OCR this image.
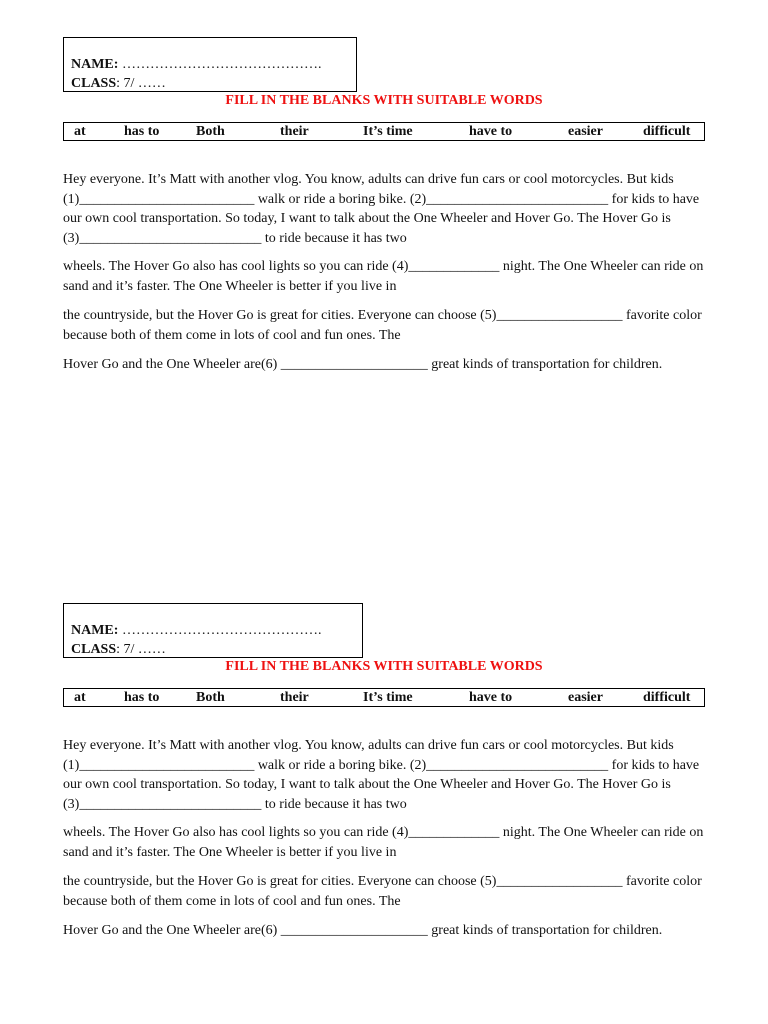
NAME: …………………………………….
CLASS: 7/ ……
FILL IN THE BLANKS WITH SUITABLE WORDS
at	has to	Both	their	It’s time	have to	easier	difficult

Hey everyone. It’s Matt with another vlog. You know, adults can drive fun cars or cool motorcycles. But kids (1)_________________________ walk or ride a boring bike. (2)__________________________ for kids to have our own cool transportation. So today, I want to talk about the One Wheeler and Hover Go. The Hover Go is (3)__________________________ to ride because it has two

wheels. The Hover Go also has cool lights so you can ride (4)_____________ night. The One Wheeler can ride on sand and it’s faster. The One Wheeler is better if you live in

the countryside, but the Hover Go is great for cities. Everyone can choose (5)__________________ favorite color because both of them come in lots of cool and fun ones. The

Hover Go and the One Wheeler are(6) _____________________ great kinds of transportation for children.

NAME: …………………………………….
CLASS: 7/ ……
FILL IN THE BLANKS WITH SUITABLE WORDS
at	has to	Both	their	It’s time	have to	easier	difficult

Hey everyone. It’s Matt with another vlog. You know, adults can drive fun cars or cool motorcycles. But kids (1)_________________________ walk or ride a boring bike. (2)__________________________ for kids to have our own cool transportation. So today, I want to talk about the One Wheeler and Hover Go. The Hover Go is (3)__________________________ to ride because it has two

wheels. The Hover Go also has cool lights so you can ride (4)_____________ night. The One Wheeler can ride on sand and it’s faster. The One Wheeler is better if you live in

the countryside, but the Hover Go is great for cities. Everyone can choose (5)__________________ favorite color because both of them come in lots of cool and fun ones. The

Hover Go and the One Wheeler are(6) _____________________ great kinds of transportation for children.
